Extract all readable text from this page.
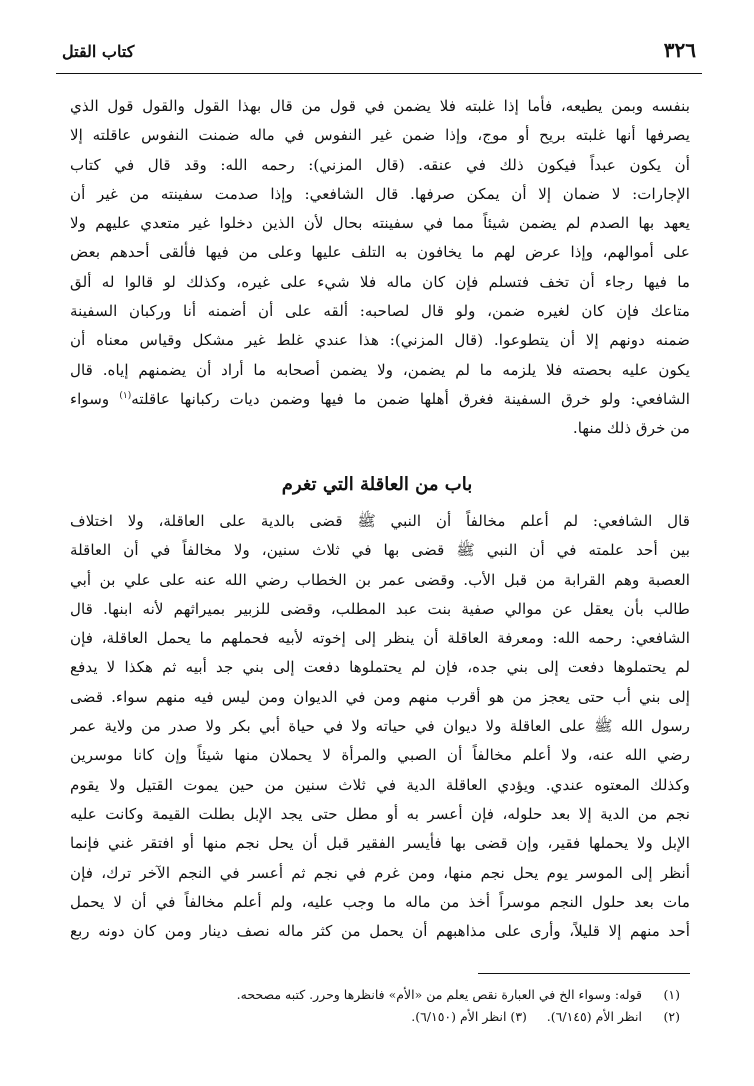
٣٢٦
كتاب القتل
بنفسه وبمن يطيعه، فأما إذا غلبته فلا يضمن في قول من قال بهذا القول والقول قول الذي
يصرفها أنها غلبته بريح أو موج، وإذا ضمن غير النفوس في ماله ضمنت النفوس عاقلته إلا
أن يكون عبداً فيكون ذلك في عنقه. (قال المزني): رحمه الله: وقد قال في كتاب
الإجارات: لا ضمان إلا أن يمكن صرفها. قال الشافعي: وإذا صدمت سفينته من غير أن
يعهد بها الصدم لم يضمن شيئاً مما في سفينته بحال لأن الذين دخلوا غير متعدي عليهم ولا
على أموالهم، وإذا عرض لهم ما يخافون به التلف عليها وعلى من فيها فألقى أحدهم بعض
ما فيها رجاء أن تخف فتسلم فإن كان ماله فلا شيء على غيره، وكذلك لو قالوا له ألق
متاعك فإن كان لغيره ضمن، ولو قال لصاحبه: ألقه على أن أضمنه أنا وركبان السفينة
ضمنه دونهم إلا أن يتطوعوا. (قال المزني): هذا عندي غلط غير مشكل وقياس معناه أن
يكون عليه بحصته فلا يلزمه ما لم يضمن، ولا يضمن أصحابه ما أراد أن يضمنهم إياه. قال
الشافعي: ولو خرق السفينة فغرق أهلها ضمن ما فيها وضمن ديات ركبانها عاقلته$^{(١)}$ وسواء
من خرق ذلك منها.
باب من العاقلة التي تغرم
قال الشافعي: لم أعلم مخالفاً أن النبي ﷺ قضى بالدية على العاقلة، ولا اختلاف
بين أحد علمته في أن النبي ﷺ قضى بها في ثلاث سنين، ولا مخالفاً في أن العاقلة
العصبة وهم القرابة من قبل الأب. وقضى عمر بن الخطاب رضي الله عنه على علي بن أبي
طالب بأن يعقل عن موالي صفية بنت عبد المطلب، وقضى للزبير بميراثهم لأنه ابنها. قال
الشافعي: رحمه الله: ومعرفة العاقلة أن ينظر إلى إخوته لأبيه فحملهم ما يحمل العاقلة، فإن
لم يحتملوها دفعت إلى بني جده، فإن لم يحتملوها دفعت إلى بني جد أبيه ثم هكذا لا يدفع
إلى بني أب حتى يعجز من هو أقرب منهم ومن في الديوان ومن ليس فيه منهم سواء. قضى
رسول الله ﷺ على العاقلة ولا ديوان في حياته ولا في حياة أبي بكر ولا صدر من ولاية عمر
رضي الله عنه، ولا أعلم مخالفاً أن الصبي والمرأة لا يحملان منها شيئاً وإن كانا موسرين
وكذلك المعتوه عندي. ويؤدي العاقلة الدية في ثلاث سنين من حين يموت القتيل ولا يقوم
نجم من الدية إلا بعد حلوله، فإن أعسر به أو مطل حتى يجد الإبل بطلت القيمة وكانت عليه
الإبل ولا يحملها فقير، وإن قضى بها فأيسر الفقير قبل أن يحل نجم منها أو افتقر غني فإنما
أنظر إلى الموسر يوم يحل نجم منها، ومن غرم في نجم ثم أعسر في النجم الآخر ترك، فإن
مات بعد حلول النجم موسراً أخذ من ماله ما وجب عليه، ولم أعلم مخالفاً في أن لا يحمل
أحد منهم إلا قليلاً، وأرى على مذاهبهم أن يحمل من كثر ماله نصف دينار ومن كان دونه ربع
(١) قوله: وسواء الخ في العبارة نقص يعلم من «الأم» فانظرها وحرر. كتبه مصححه.
(٢) انظر الأم (٦/١٤٥).     (٣) انظر الأم (٦/١٥٠).
